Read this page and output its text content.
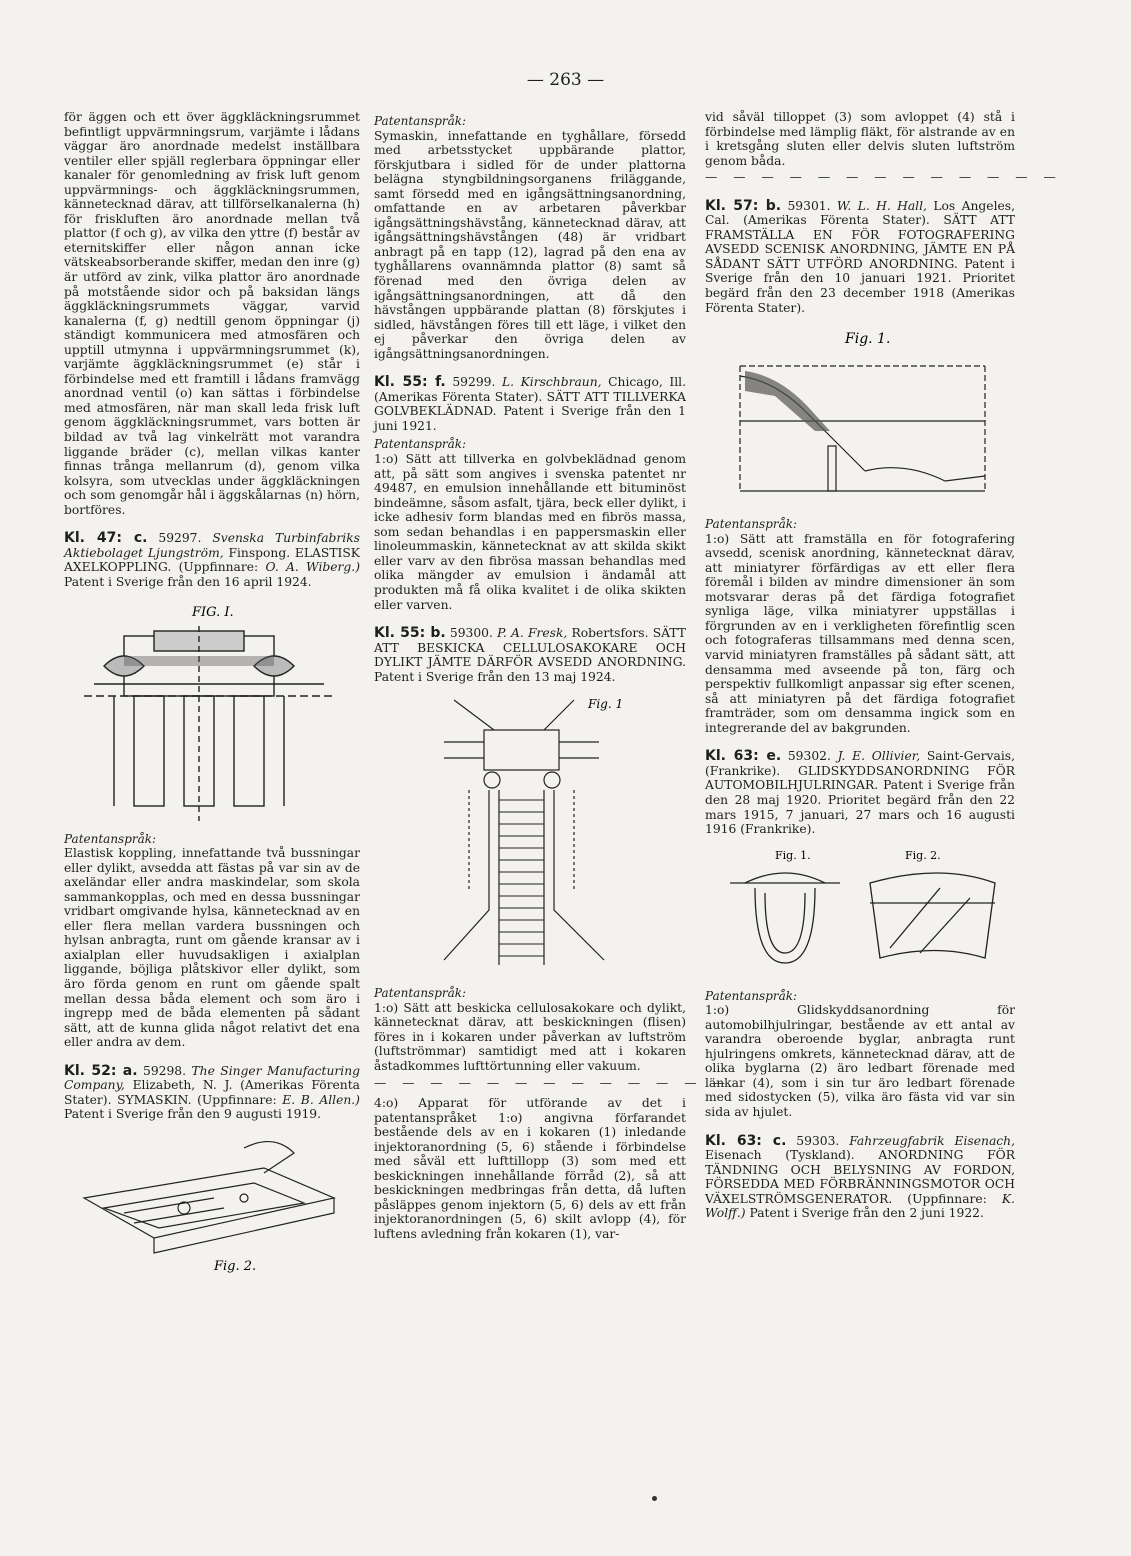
— 263 —

för äggen och ett över äggkläckningsrummet befintligt uppvärmningsrum, varjämte i lådans väggar äro anordnade medelst inställbara ventiler eller spjäll reglerbara öppningar eller kanaler för genomledning av frisk luft genom uppvärmnings- och äggkläckningsrummen, kännetecknad därav, att tillförselkanalerna (h) för friskluften äro anordnade mellan två plattor (f och g), av vilka den yttre (f) består av eternitskiffer eller någon annan icke vätskeabsorberande skiffer, medan den inre (g) är utförd av zink, vilka plattor äro anordnade på motstående sidor och på baksidan längs äggkläckningsrummets väggar, varvid kanalerna (f, g) nedtill genom öppningar (j) ständigt kommunicera med atmosfären och upptill utmynna i uppvärmningsrummet (k), varjämte äggkläckningsrummet (e) står i förbindelse med ett framtill i lådans framvägg anordnad ventil (o) kan sättas i förbindelse med atmosfären, när man skall leda frisk luft genom äggkläckningsrummet, vars botten är bildad av två lag vinkelrätt mot varandra liggande bräder (c), mellan vilkas kanter finnas trånga mellanrum (d), genom vilka kolsyra, som utvecklas under äggkläckningen och som genomgår hål i äggskålarnas (n) hörn, bortföres.

Kl. 47: c. 59297. Svenska Turbinfabriks Aktiebolaget Ljungström, Finspong. ELASTISK AXELKOPPLING. (Uppfinnare: O. A. Wiberg.) Patent i Sverige från den 16 april 1924.

FIG. I.

Patentanspråk:

Elastisk koppling, innefattande två bussningar eller dylikt, avsedda att fästas på var sin av de axeländar eller andra maskindelar, som skola sammankopplas, och med en dessa bussningar vridbart omgivande hylsa, kännetecknad av en eller flera mellan vardera bussningen och hylsan anbragta, runt om gående kransar av i axialplan eller huvudsakligen i axialplan liggande, böjliga plåtskivor eller dylikt, som äro förda genom en runt om gående spalt mellan dessa båda element och som äro i ingrepp med de båda elementen på sådant sätt, att de kunna glida något relativt det ena eller andra av dem.

Kl. 52: a. 59298. The Singer Manufacturing Company, Elizabeth, N. J. (Amerikas Förenta Stater). SYMASKIN. (Uppfinnare: E. B. Allen.) Patent i Sverige från den 9 augusti 1919.

Fig. 2.

Patentanspråk:

Symaskin, innefattande en tyghållare, försedd med arbetsstycket uppbärande plattor, förskjutbara i sidled för de under plattorna belägna styngbildningsorganens friläggande, samt försedd med en igångsättningsanordning, omfattande en av arbetaren påverkbar igångsättningshävstång, kännetecknad därav, att igångsättningshävstången (48) är vridbart anbragt på en tapp (12), lagrad på den ena av tyghållarens ovannämnda plattor (8) samt så förenad med den övriga delen av igångsättningsanordningen, att då den hävstången uppbärande plattan (8) förskjutes i sidled, hävstången föres till ett läge, i vilket den ej påverkar den övriga delen av igångsättningsanordningen.

Kl. 55: f. 59299. L. Kirschbraun, Chicago, Ill. (Amerikas Förenta Stater). SÄTT ATT TILLVERKA GOLVBEKLÄDNAD. Patent i Sverige från den 1 juni 1921.

Patentanspråk:

1:o) Sätt att tillverka en golvbeklädnad genom att, på sätt som angives i svenska patentet nr 49487, en emulsion innehållande ett bituminöst bindeämne, såsom asfalt, tjära, beck eller dylikt, i icke adhesiv form blandas med en fibrös massa, som sedan behandlas i en pappersmaskin eller linoleummaskin, kännetecknat av att skilda skikt eller varv av den fibrösa massan behandlas med olika mängder av emulsion i ändamål att produkten må få olika kvalitet i de olika skikten eller varven.

Kl. 55: b. 59300. P. A. Fresk, Robertsfors. SÄTT ATT BESKICKA CELLULOSAKOKARE OCH DYLIKT JÄMTE DÄRFÖR AVSEDD ANORDNING. Patent i Sverige från den 13 maj 1924.

Fig. 1

Patentanspråk:

1:o) Sätt att beskicka cellulosakokare och dylikt, kännetecknat därav, att beskickningen (flisen) föres in i kokaren under påverkan av luftström (luftströmmar) samtidigt med att i kokaren åstadkommes lufttörtunning eller vakuum.

— — — — — — — — — — — — —

4:o) Apparat för utförande av det i patentanspråket 1:o) angivna förfarandet bestående dels av en i kokaren (1) inledande injektoranordning (5, 6) stående i förbindelse med såväl ett lufttillopp (3) som med ett beskickningen innehållande förråd (2), så att beskickningen medbringas från detta, då luften påsläppes genom injektorn (5, 6) dels av ett från injektoranordningen (5, 6) skilt avlopp (4), för luftens avledning från kokaren (1), var-

vid såväl tilloppet (3) som avloppet (4) stå i förbindelse med lämplig fläkt, för alstrande av en i kretsgång sluten eller delvis sluten luftström genom båda.

— — — — — — — — — — — — —

Kl. 57: b. 59301. W. L. H. Hall, Los Angeles, Cal. (Amerikas Förenta Stater). SÄTT ATT FRAMSTÄLLA EN FÖR FOTOGRAFERING AVSEDD SCENISK ANORDNING, JÄMTE EN PÅ SÅDANT SÄTT UTFÖRD ANORDNING. Patent i Sverige från den 10 januari 1921. Prioritet begärd från den 23 december 1918 (Amerikas Förenta Stater).

Fig. 1.

Patentanspråk:

1:o) Sätt att framställa en för fotografering avsedd, scenisk anordning, kännetecknat därav, att miniatyrer förfärdigas av ett eller flera föremål i bilden av mindre dimensioner än som motsvarar deras på det färdiga fotografiet synliga läge, vilka miniatyrer uppställas i förgrunden av en i verkligheten förefintlig scen och fotograferas tillsammans med denna scen, varvid miniatyren framställes på sådant sätt, att densamma med avseende på ton, färg och perspektiv fullkomligt anpassar sig efter scenen, så att miniatyren på det färdiga fotografiet framträder, som om densamma ingick som en integrerande del av bakgrunden.

Kl. 63: e. 59302. J. E. Ollivier, Saint-Gervais, (Frankrike). GLIDSKYDDSANORDNING FÖR AUTOMOBILHJULRINGAR. Patent i Sverige från den 28 maj 1920. Prioritet begärd från den 22 mars 1915, 7 januari, 27 mars och 16 augusti 1916 (Frankrike).

Fig. 1.	Fig. 2.

Patentanspråk:

1:o) Glidskyddsanordning för automobilhjulringar, bestående av ett antal av varandra oberoende byglar, anbragta runt hjulringens omkrets, kännetecknad därav, att de olika byglarna (2) äro ledbart förenade med länkar (4), som i sin tur äro ledbart förenade med sidostycken (5), vilka äro fästa vid var sin sida av hjulet.

Kl. 63: c. 59303. Fahrzeugfabrik Eisenach, Eisenach (Tyskland). ANORDNING FÖR TÄNDNING OCH BELYSNING AV FORDON, FÖRSEDDA MED FÖRBRÄNNINGSMOTOR OCH VÄXELSTRÖMSGENERATOR. (Uppfinnare: K. Wolff.) Patent i Sverige från den 2 juni 1922.
